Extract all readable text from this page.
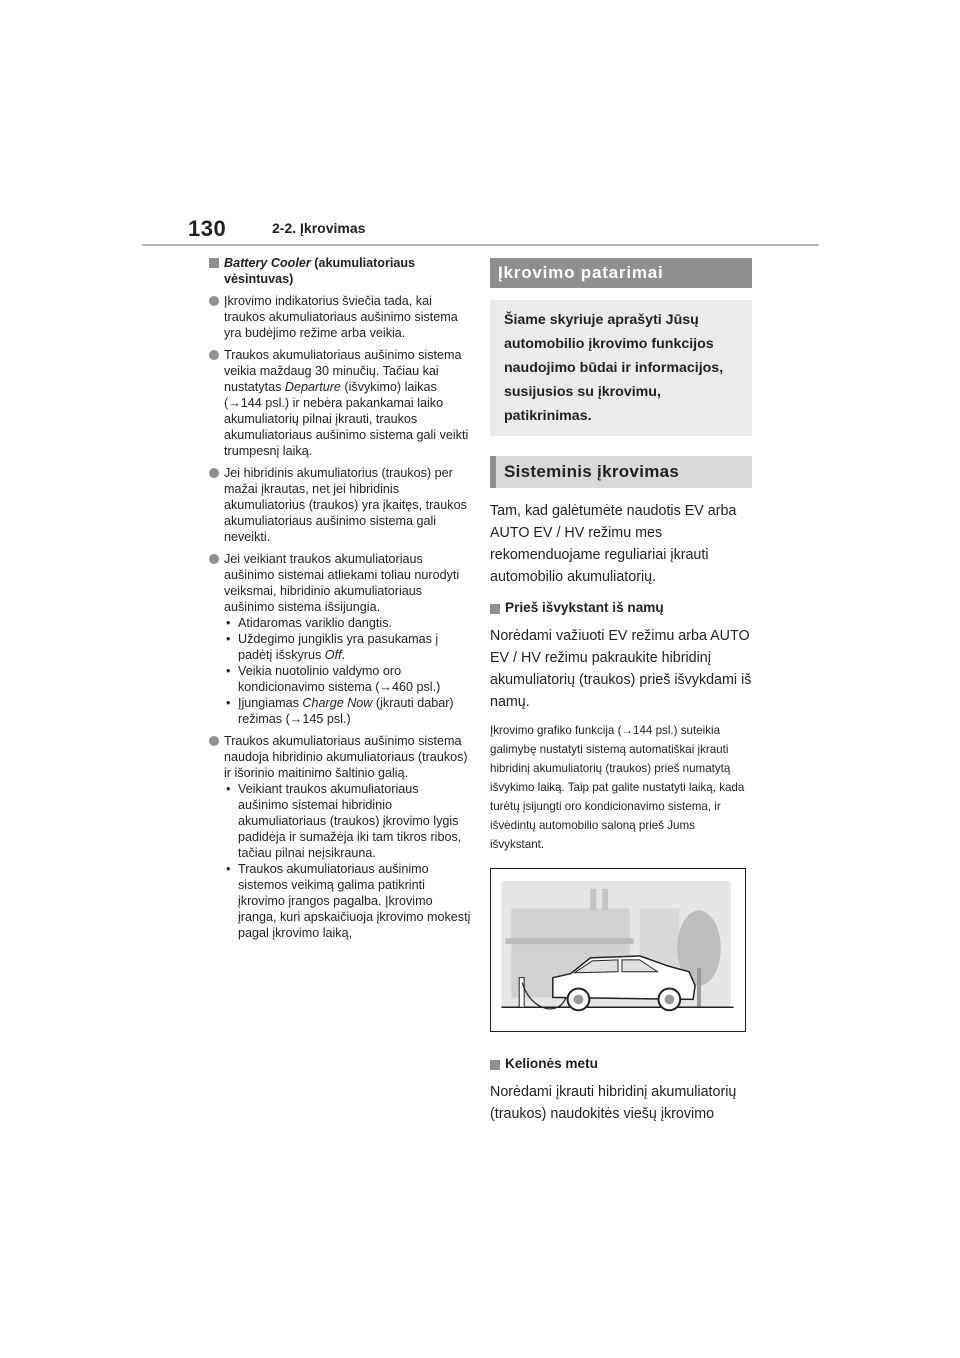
130	2-2. Įkrovimas
Battery Cooler (akumuliatoriaus vėsintuvas)
Įkrovimo indikatorius šviečia tada, kai traukos akumuliatoriaus aušinimo sistema yra budėjimo režime arba veikia.
Traukos akumuliatoriaus aušinimo sistema veikia maždaug 30 minučių. Tačiau kai nustatytas Departure (išvykimo) laikas (→144 psl.) ir nebėra pakankamai laiko akumuliatorių pilnai įkrauti, traukos akumuliatoriaus aušinimo sistema gali veikti trumpesnį laiką.
Jei hibridinis akumuliatorius (traukos) per mažai įkrautas, net jei hibridinis akumuliatorius (traukos) yra įkaitęs, traukos akumuliatoriaus aušinimo sistema gali neveikti.
Jei veikiant traukos akumuliatoriaus aušinimo sistemai atliekami toliau nurodyti veiksmai, hibridinio akumuliatoriaus aušinimo sistema išsijungia.
• Atidaromas variklio dangtis.
• Uždegimo jungiklis yra pasukamas į padėtį išskyrus Off.
• Veikia nuotolinio valdymo oro kondicionavimo sistema (→460 psl.)
• Įjungiamas Charge Now (įkrauti dabar) režimas (→145 psl.)
Traukos akumuliatoriaus aušinimo sistema naudoja hibridinio akumuliatoriaus (traukos) ir išorinio maitinimo šaltinio galią.
• Veikiant traukos akumuliatoriaus aušinimo sistemai hibridinio akumuliatoriaus (traukos) įkrovimo lygis padidėja ir sumažėja iki tam tikros ribos, tačiau pilnai neįsikrauna.
• Traukos akumuliatoriaus aušinimo sistemos veikimą galima patikrinti įkrovimo įrangos pagalba. Įkrovimo įranga, kuri apskaičiuoja įkrovimo mokestį pagal įkrovimo laiką,
Įkrovimo patarimai
Šiame skyriuje aprašyti Jūsų automobilio įkrovimo funkcijos naudojimo būdai ir informacijos, susijusios su įkrovimu, patikrinimas.
Sisteminis įkrovimas
Tam, kad galėtumėte naudotis EV arba AUTO EV / HV režimu mes rekomenduojame reguliariai įkrauti automobilio akumuliatorių.
Prieš išvykstant iš namų
Norėdami važiuoti EV režimu arba AUTO EV / HV režimu pakraukite hibridinį akumuliatorių (traukos) prieš išvykdami iš namų.
Įkrovimo grafiko funkcija (→144 psl.) suteikia galimybę nustatyti sistemą automatiškai įkrauti hibridinį akumuliatorių (traukos) prieš numatytą išvykimo laiką. Taip pat galite nustatyti laiką, kada turėtų įsijungti oro kondicionavimo sistema, ir išvėdintų automobilio saloną prieš Jums išvykstant.
Kelionės metu
Norėdami įkrauti hibridinį akumuliatorių (traukos) naudokitės viešų įkrovimo
